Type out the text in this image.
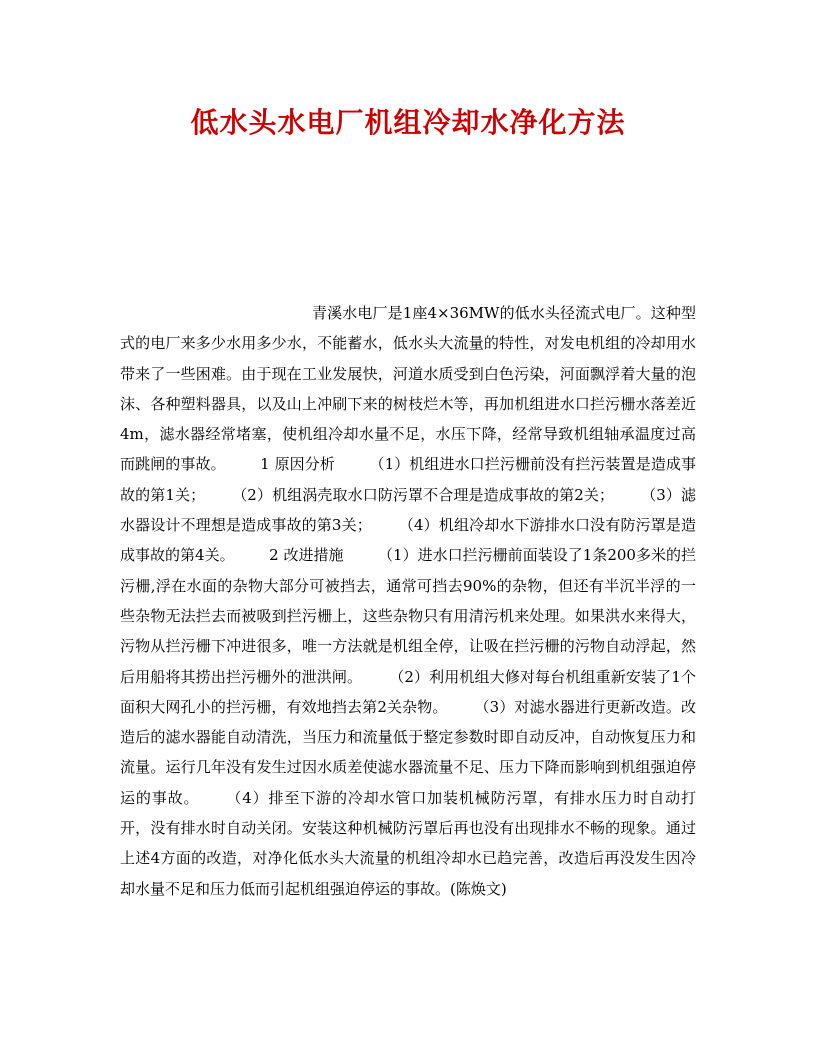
低水头水电厂机组冷却水净化方法

青溪水电厂是1座4×36MW的低水头径流式电厂。这种型式的电厂来多少水用多少水，不能蓄水，低水头大流量的特性，对发电机组的冷却用水带来了一些困难。由于现在工业发展快，河道水质受到白色污染，河面飘浮着大量的泡沫、各种塑料器具，以及山上冲刷下来的树枝烂木等，再加机组进水口拦污栅水落差近4m，滤水器经常堵塞，使机组冷却水量不足，水压下降，经常导致机组轴承温度过高而跳闸的事故。 1 原因分析 （1）机组进水口拦污栅前没有拦污装置是造成事故的第1关； （2）机组涡壳取水口防污罩不合理是造成事故的第2关； （3）滤水器设计不理想是造成事故的第3关； （4）机组冷却水下游排水口没有防污罩是造成事故的第4关。 2 改进措施 （1）进水口拦污栅前面装设了1条200多米的拦污栅,浮在水面的杂物大部分可被挡去，通常可挡去90%的杂物，但还有半沉半浮的一些杂物无法拦去而被吸到拦污栅上，这些杂物只有用清污机来处理。如果洪水来得大，污物从拦污栅下冲进很多，唯一方法就是机组全停，让吸在拦污栅的污物自动浮起，然后用船将其捞出拦污栅外的泄洪闸。 （2）利用机组大修对每台机组重新安装了1个面积大网孔小的拦污栅，有效地挡去第2关杂物。 （3）对滤水器进行更新改造。改造后的滤水器能自动清洗，当压力和流量低于整定参数时即自动反冲，自动恢复压力和流量。运行几年没有发生过因水质差使滤水器流量不足、压力下降而影响到机组强迫停运的事故。 （4）排至下游的冷却水管口加装机械防污罩，有排水压力时自动打开，没有排水时自动关闭。安装这种机械防污罩后再也没有出现排水不畅的现象。通过上述4方面的改造，对净化低水头大流量的机组冷却水已趋完善，改造后再没发生因冷却水量不足和压力低而引起机组强迫停运的事故。(陈焕文)
